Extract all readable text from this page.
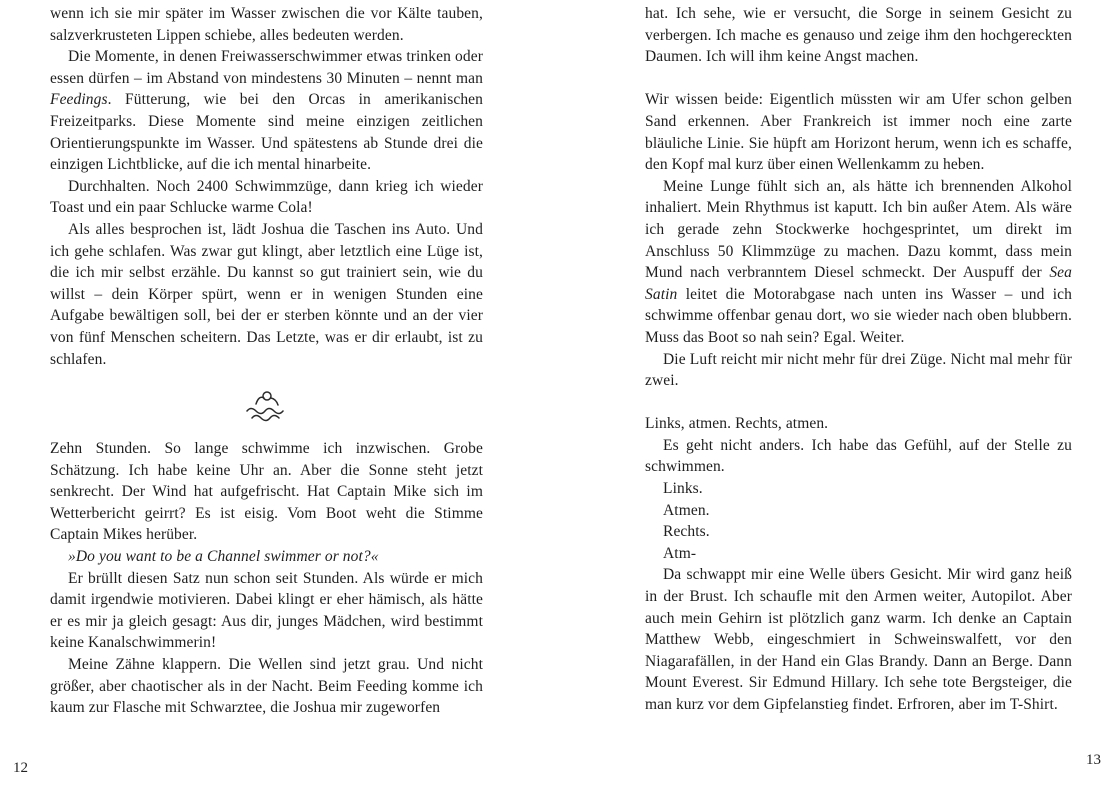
wenn ich sie mir später im Wasser zwischen die vor Kälte tauben, salzverkrusteten Lippen schiebe, alles bedeuten werden.

Die Momente, in denen Freiwasserschwimmer etwas trinken oder essen dürfen – im Abstand von mindestens 30 Minuten – nennt man Feedings. Fütterung, wie bei den Orcas in amerikanischen Freizeitparks. Diese Momente sind meine einzigen zeitlichen Orientierungspunkte im Wasser. Und spätestens ab Stunde drei die einzigen Lichtblicke, auf die ich mental hinarbeite.

Durchhalten. Noch 2400 Schwimmzüge, dann krieg ich wieder Toast und ein paar Schlucke warme Cola!

Als alles besprochen ist, lädt Joshua die Taschen ins Auto. Und ich gehe schlafen. Was zwar gut klingt, aber letztlich eine Lüge ist, die ich mir selbst erzähle. Du kannst so gut trainiert sein, wie du willst – dein Körper spürt, wenn er in wenigen Stunden eine Aufgabe bewältigen soll, bei der er sterben könnte und an der vier von fünf Menschen scheitern. Das Letzte, was er dir erlaubt, ist zu schlafen.

Zehn Stunden. So lange schwimme ich inzwischen. Grobe Schätzung. Ich habe keine Uhr an. Aber die Sonne steht jetzt senkrecht. Der Wind hat aufgefrischt. Hat Captain Mike sich im Wetterbericht geirrt? Es ist eisig. Vom Boot weht die Stimme Captain Mikes herüber.

»Do you want to be a Channel swimmer or not?«

Er brüllt diesen Satz nun schon seit Stunden. Als würde er mich damit irgendwie motivieren. Dabei klingt er eher hämisch, als hätte er es mir ja gleich gesagt: Aus dir, junges Mädchen, wird bestimmt keine Kanalschwimmerin!

Meine Zähne klappern. Die Wellen sind jetzt grau. Und nicht größer, aber chaotischer als in der Nacht. Beim Feeding komme ich kaum zur Flasche mit Schwarztee, die Joshua mir zugeworfen

hat. Ich sehe, wie er versucht, die Sorge in seinem Gesicht zu verbergen. Ich mache es genauso und zeige ihm den hochgereckten Daumen. Ich will ihm keine Angst machen.

Wir wissen beide: Eigentlich müssten wir am Ufer schon gelben Sand erkennen. Aber Frankreich ist immer noch eine zarte bläuliche Linie. Sie hüpft am Horizont herum, wenn ich es schaffe, den Kopf mal kurz über einen Wellenkamm zu heben.

Meine Lunge fühlt sich an, als hätte ich brennenden Alkohol inhaliert. Mein Rhythmus ist kaputt. Ich bin außer Atem. Als wäre ich gerade zehn Stockwerke hochgesprintet, um direkt im Anschluss 50 Klimmzüge zu machen. Dazu kommt, dass mein Mund nach verbranntem Diesel schmeckt. Der Auspuff der Sea Satin leitet die Motorabgase nach unten ins Wasser – und ich schwimme offenbar genau dort, wo sie wieder nach oben blubbern. Muss das Boot so nah sein? Egal. Weiter.

Die Luft reicht mir nicht mehr für drei Züge. Nicht mal mehr für zwei.

Links, atmen. Rechts, atmen.

Es geht nicht anders. Ich habe das Gefühl, auf der Stelle zu schwimmen.

Links.

Atmen.

Rechts.

Atm-

Da schwappt mir eine Welle übers Gesicht. Mir wird ganz heiß in der Brust. Ich schaufle mit den Armen weiter, Autopilot. Aber auch mein Gehirn ist plötzlich ganz warm. Ich denke an Captain Matthew Webb, eingeschmiert in Schweinswalfett, vor den Niagarafällen, in der Hand ein Glas Brandy. Dann an Berge. Dann Mount Everest. Sir Edmund Hillary. Ich sehe tote Bergsteiger, die man kurz vor dem Gipfelanstieg findet. Erfroren, aber im T-Shirt.

12	13
